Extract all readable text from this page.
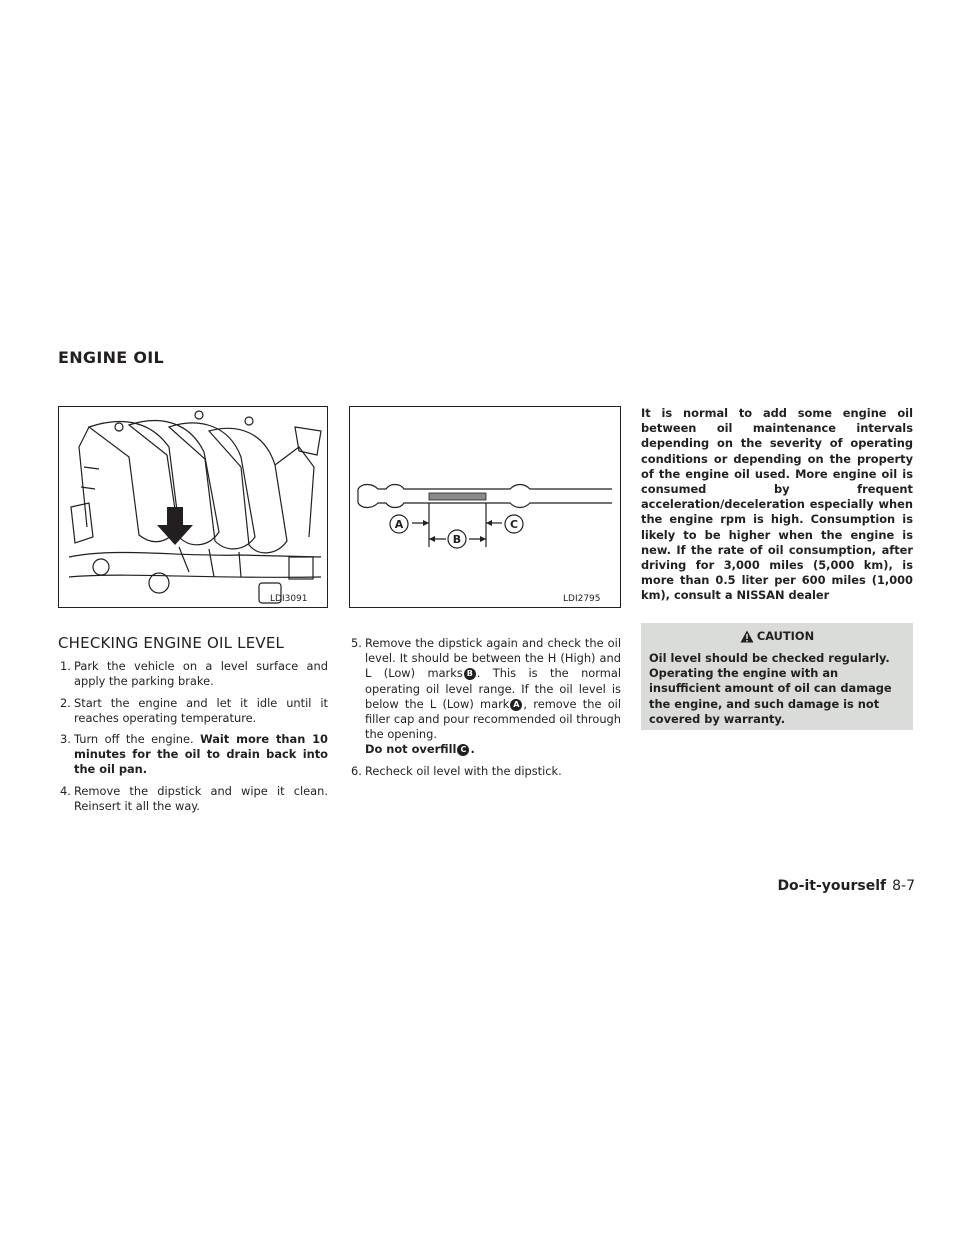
ENGINE OIL
LDI3091
A
B
C
LDI2795
CHECKING ENGINE OIL LEVEL
1. Park the vehicle on a level surface and apply the parking brake.
2. Start the engine and let it idle until it reaches operating temperature.
3. Turn off the engine. Wait more than 10 minutes for the oil to drain back into the oil pan.
4. Remove the dipstick and wipe it clean. Reinsert it all the way.
5. Remove the dipstick again and check the oil level. It should be between the H (High) and L (Low) marks B . This is the normal operating oil level range. If the oil level is below the L (Low) mark A , remove the oil filler cap and pour recommended oil through the opening.
Do not overfill C .
6. Recheck oil level with the dipstick.
It is normal to add some engine oil between oil maintenance intervals depending on the severity of operating conditions or depending on the property of the engine oil used. More engine oil is consumed by frequent acceleration/deceleration especially when the engine rpm is high. Consumption is likely to be higher when the engine is new. If the rate of oil consumption, after driving for 3,000 miles (5,000 km), is more than 0.5 liter per 600 miles (1,000 km), consult a NISSAN dealer
CAUTION
Oil level should be checked regularly. Operating the engine with an insufficient amount of oil can damage the engine, and such damage is not covered by warranty.
Do-it-yourself 8-7
